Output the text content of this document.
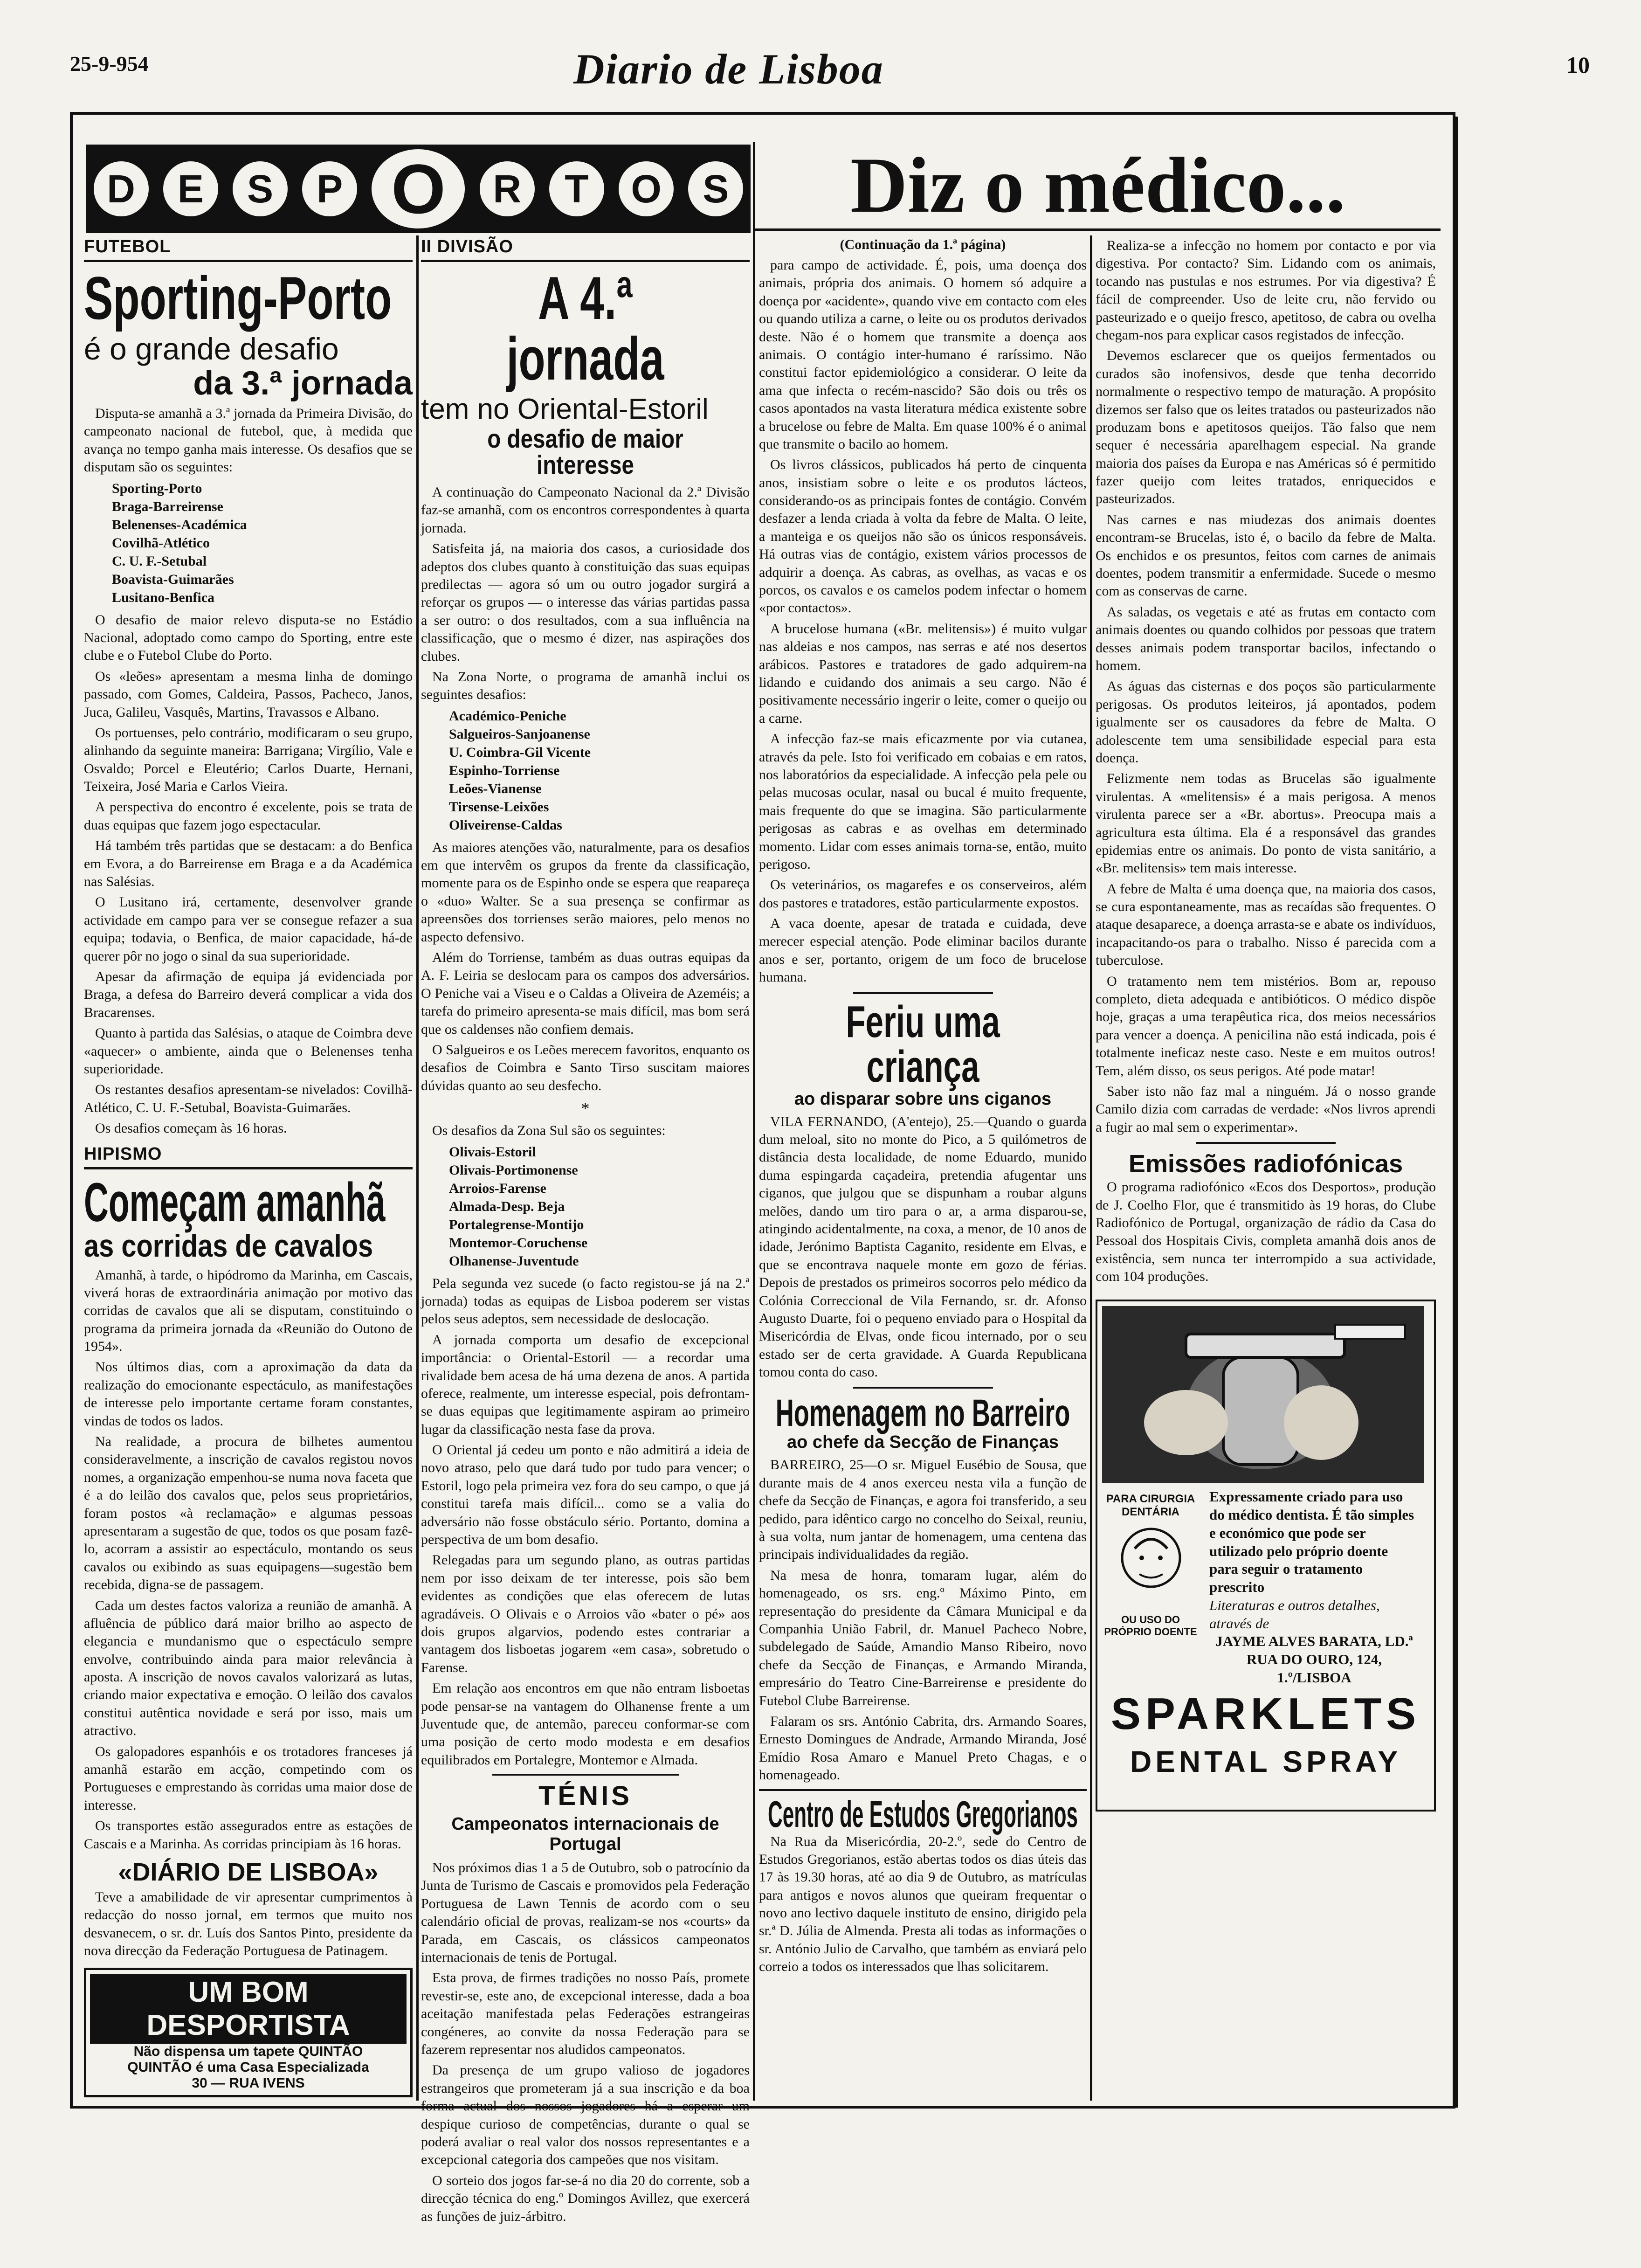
25-9-954	Diario de Lisboa	10
D	E	S	P O	R	T	O	S	Diz o médico...
FUTEBOL
Sporting-Porto
é o grande desafio
da 3.ª jornada

Disputa-se amanhã a 3.ª jornada da Primeira Divisão, do campeonato nacional de futebol, que, à medida que avança no tempo ganha mais interesse. Os desafios que se disputam são os seguintes:

Sporting-Porto
Braga-Barreirense
Belenenses-Académica
Covilhã-Atlético
C. U. F.-Setubal
Boavista-Guimarães
Lusitano-Benfica

O desafio de maior relevo disputa-se no Estádio Nacional, adoptado como campo do Sporting, entre este clube e o Futebol Clube do Porto.

Os «leões» apresentam a mesma linha de domingo passado, com Gomes, Caldeira, Passos, Pacheco, Janos, Juca, Galileu, Vasquês, Martins, Travassos e Albano.

Os portuenses, pelo contrário, modificaram o seu grupo, alinhando da seguinte maneira: Barrigana; Virgílio, Vale e Osvaldo; Porcel e Eleutério; Carlos Duarte, Hernani, Teixeira, José Maria e Carlos Vieira.

A perspectiva do encontro é excelente, pois se trata de duas equipas que fazem jogo espectacular.

Há também três partidas que se destacam: a do Benfica em Evora, a do Barreirense em Braga e a da Académica nas Salésias.

O Lusitano irá, certamente, desenvolver grande actividade em campo para ver se consegue refazer a sua equipa; todavia, o Benfica, de maior capacidade, há-de querer pôr no jogo o sinal da sua superioridade.

Apesar da afirmação de equipa já evidenciada por Braga, a defesa do Barreiro deverá complicar a vida dos Bracarenses.

Quanto à partida das Salésias, o ataque de Coimbra deve «aquecer» o ambiente, ainda que o Belenenses tenha superioridade.

Os restantes desafios apresentam-se nivelados: Covilhã-Atlético, C. U. F.-Setubal, Boavista-Guimarães.

Os desafios começam às 16 horas.

HIPISMO
Começam amanhã
as corridas de cavalos

Amanhã, à tarde, o hipódromo da Marinha, em Cascais, viverá horas de extraordinária animação por motivo das corridas de cavalos que ali se disputam, constituindo o programa da primeira jornada da «Reunião do Outono de 1954».

Nos últimos dias, com a aproximação da data da realização do emocionante espectáculo, as manifestações de interesse pelo importante certame foram constantes, vindas de todos os lados.

Na realidade, a procura de bilhetes aumentou consideravelmente, a inscrição de cavalos registou novos nomes, a organização empenhou-se numa nova faceta que é a do leilão dos cavalos que, pelos seus proprietários, foram postos «à reclamação» e algumas pessoas apresentaram a sugestão de que, todos os que posam fazê-lo, acorram a assistir ao espectáculo, montando os seus cavalos ou exibindo as suas equipagens—sugestão bem recebida, digna-se de passagem.

Cada um destes factos valoriza a reunião de amanhã. A afluência de público dará maior brilho ao aspecto de elegancia e mundanismo que o espectáculo sempre envolve, contribuindo ainda para maior relevância à aposta. A inscrição de novos cavalos valorizará as lutas, criando maior expectativa e emoção. O leilão dos cavalos constitui autêntica novidade e será por isso, mais um atractivo.

Os galopadores espanhóis e os trotadores franceses já amanhã estarão em acção, competindo com os Portugueses e emprestando às corridas uma maior dose de interesse.

Os transportes estão assegurados entre as estações de Cascais e a Marinha. As corridas principiam às 16 horas.

«DIÁRIO DE LISBOA»

Teve a amabilidade de vir apresentar cumprimentos à redacção do nosso jornal, em termos que muito nos desvanecem, o sr. dr. Luís dos Santos Pinto, presidente da nova direcção da Federação Portuguesa de Patinagem.

UM BOM DESPORTISTA
Não dispensa um tapete QUINTÃO
QUINTÃO é uma Casa Especializada
30 — RUA IVENS
II DIVISÃO
A 4.ª jornada
tem no Oriental-Estoril
o desafio de maior interesse

A continuação do Campeonato Nacional da 2.ª Divisão faz-se amanhã, com os encontros correspondentes à quarta jornada.

Satisfeita já, na maioria dos casos, a curiosidade dos adeptos dos clubes quanto à constituição das suas equipas predilectas — agora só um ou outro jogador surgirá a reforçar os grupos — o interesse das várias partidas passa a ser outro: o dos resultados, com a sua influência na classificação, que o mesmo é dizer, nas aspirações dos clubes.

Na Zona Norte, o programa de amanhã inclui os seguintes desafios:

Académico-Peniche
Salgueiros-Sanjoanense
U. Coimbra-Gil Vicente
Espinho-Torriense
Leões-Vianense
Tirsense-Leixões
Oliveirense-Caldas

As maiores atenções vão, naturalmente, para os desafios em que intervêm os grupos da frente da classificação, momente para os de Espinho onde se espera que reapareça o «duo» Walter. Se a sua presença se confirmar as apreensões dos torrienses serão maiores, pelo menos no aspecto defensivo.

Além do Torriense, também as duas outras equipas da A. F. Leiria se deslocam para os campos dos adversários. O Peniche vai a Viseu e o Caldas a Oliveira de Azeméis; a tarefa do primeiro apresenta-se mais difícil, mas bom será que os caldenses não confiem demais.

O Salgueiros e os Leões merecem favoritos, enquanto os desafios de Coimbra e Santo Tirso suscitam maiores dúvidas quanto ao seu desfecho.

*

Os desafios da Zona Sul são os seguintes:

Olivais-Estoril
Olivais-Portimonense
Arroios-Farense
Almada-Desp. Beja
Portalegrense-Montijo
Montemor-Coruchense
Olhanense-Juventude

Pela segunda vez sucede (o facto registou-se já na 2.ª jornada) todas as equipas de Lisboa poderem ser vistas pelos seus adeptos, sem necessidade de deslocação.

A jornada comporta um desafio de excepcional importância: o Oriental-Estoril — a recordar uma rivalidade bem acesa de há uma dezena de anos. A partida oferece, realmente, um interesse especial, pois defrontam-se duas equipas que legitimamente aspiram ao primeiro lugar da classificação nesta fase da prova.

O Oriental já cedeu um ponto e não admitirá a ideia de novo atraso, pelo que dará tudo por tudo para vencer; o Estoril, logo pela primeira vez fora do seu campo, o que já constitui tarefa mais difícil... como se a valia do adversário não fosse obstáculo sério. Portanto, domina a perspectiva de um bom desafio.

Relegadas para um segundo plano, as outras partidas nem por isso deixam de ter interesse, pois são bem evidentes as condições que elas oferecem de lutas agradáveis. O Olivais e o Arroios vão «bater o pé» aos dois grupos algarvios, podendo estes contrariar a vantagem dos lisboetas jogarem «em casa», sobretudo o Farense.

Em relação aos encontros em que não entram lisboetas pode pensar-se na vantagem do Olhanense frente a um Juventude que, de antemão, pareceu conformar-se com uma posição de certo modo modesta e em desafios equilibrados em Portalegre, Montemor e Almada.

TÉNIS
Campeonatos internacionais de Portugal

Nos próximos dias 1 a 5 de Outubro, sob o patrocínio da Junta de Turismo de Cascais e promovidos pela Federação Portuguesa de Lawn Tennis de acordo com o seu calendário oficial de provas, realizam-se nos «courts» da Parada, em Cascais, os clássicos campeonatos internacionais de tenis de Portugal.

Esta prova, de firmes tradições no nosso País, promete revestir-se, este ano, de excepcional interesse, dada a boa aceitação manifestada pelas Federações estrangeiras congéneres, ao convite da nossa Federação para se fazerem representar nos aludidos campeonatos.

Da presença de um grupo valioso de jogadores estrangeiros que prometeram já a sua inscrição e da boa forma actual dos nossos jogadores há a esperar um despique curioso de competências, durante o qual se poderá avaliar o real valor dos nossos representantes e a excepcional categoria dos campeões que nos visitam.

O sorteio dos jogos far-se-á no dia 20 do corrente, sob a direcção técnica do eng.º Domingos Avillez, que exercerá as funções de juiz-árbitro.

(Continuação da 1.ª página)

para campo de actividade. É, pois, uma doença dos animais, própria dos animais. O homem só adquire a doença por «acidente», quando vive em contacto com eles ou quando utiliza a carne, o leite ou os produtos derivados deste. Não é o homem que transmite a doença aos animais. O contágio inter-humano é raríssimo. Não constitui factor epidemiológico a considerar. O leite da ama que infecta o recém-nascido? São dois ou três os casos apontados na vasta literatura médica existente sobre a brucelose ou febre de Malta. Em quase 100% é o animal que transmite o bacilo ao homem.

Os livros clássicos, publicados há perto de cinquenta anos, insistiam sobre o leite e os produtos lácteos, considerando-os as principais fontes de contágio. Convém desfazer a lenda criada à volta da febre de Malta. O leite, a manteiga e os queijos não são os únicos responsáveis. Há outras vias de contágio, existem vários processos de adquirir a doença. As cabras, as ovelhas, as vacas e os porcos, os cavalos e os camelos podem infectar o homem «por contactos».

A brucelose humana («Br. melitensis») é muito vulgar nas aldeias e nos campos, nas serras e até nos desertos arábicos. Pastores e tratadores de gado adquirem-na lidando e cuidando dos animais a seu cargo. Não é positivamente necessário ingerir o leite, comer o queijo ou a carne.

A infecção faz-se mais eficazmente por via cutanea, através da pele. Isto foi verificado em cobaias e em ratos, nos laboratórios da especialidade. A infecção pela pele ou pelas mucosas ocular, nasal ou bucal é muito frequente, mais frequente do que se imagina. São particularmente perigosas as cabras e as ovelhas em determinado momento. Lidar com esses animais torna-se, então, muito perigoso.

Os veterinários, os magarefes e os conserveiros, além dos pastores e tratadores, estão particularmente expostos.

A vaca doente, apesar de tratada e cuidada, deve merecer especial atenção. Pode eliminar bacilos durante anos e ser, portanto, origem de um foco de brucelose humana.

Feriu uma criança
ao disparar sobre uns ciganos

VILA FERNANDO, (A'entejo), 25.—Quando o guarda dum meloal, sito no monte do Pico, a 5 quilómetros de distância desta localidade, de nome Eduardo, munido duma espingarda caçadeira, pretendia afugentar uns ciganos, que julgou que se dispunham a roubar alguns melões, dando um tiro para o ar, a arma disparou-se, atingindo acidentalmente, na coxa, a menor, de 10 anos de idade, Jerónimo Baptista Caganito, residente em Elvas, e que se encontrava naquele monte em gozo de férias. Depois de prestados os primeiros socorros pelo médico da Colónia Correccional de Vila Fernando, sr. dr. Afonso Augusto Duarte, foi o pequeno enviado para o Hospital da Misericórdia de Elvas, onde ficou internado, por o seu estado ser de certa gravidade. A Guarda Republicana tomou conta do caso.

Homenagem no Barreiro
ao chefe da Secção de Finanças

BARREIRO, 25—O sr. Miguel Eusébio de Sousa, que durante mais de 4 anos exerceu nesta vila a função de chefe da Secção de Finanças, e agora foi transferido, a seu pedido, para idêntico cargo no concelho do Seixal, reuniu, à sua volta, num jantar de homenagem, uma centena das principais individualidades da região.

Na mesa de honra, tomaram lugar, além do homenageado, os srs. eng.º Máximo Pinto, em representação do presidente da Câmara Municipal e da Companhia União Fabril, dr. Manuel Pacheco Nobre, subdelegado de Saúde, Amandio Manso Ribeiro, novo chefe da Secção de Finanças, e Armando Miranda, empresário do Teatro Cine-Barreirense e presidente do Futebol Clube Barreirense.

Falaram os srs. António Cabrita, drs. Armando Soares, Ernesto Domingues de Andrade, Armando Miranda, José Emídio Rosa Amaro e Manuel Preto Chagas, e o homenageado.

Centro de Estudos Gregorianos

Na Rua da Misericórdia, 20-2.º, sede do Centro de Estudos Gregorianos, estão abertas todos os dias úteis das 17 às 19.30 horas, até ao dia 9 de Outubro, as matrículas para antigos e novos alunos que queiram frequentar o novo ano lectivo daquele instituto de ensino, dirigido pela sr.ª D. Júlia de Almenda. Presta ali todas as informações o sr. António Julio de Carvalho, que também as enviará pelo correio a todos os interessados que lhas solicitarem.

Realiza-se a infecção no homem por contacto e por via digestiva. Por contacto? Sim. Lidando com os animais, tocando nas pustulas e nos estrumes. Por via digestiva? É fácil de compreender. Uso de leite cru, não fervido ou pasteurizado e o queijo fresco, apetitoso, de cabra ou ovelha chegam-nos para explicar casos registados de infecção.

Devemos esclarecer que os queijos fermentados ou curados são inofensivos, desde que tenha decorrido normalmente o respectivo tempo de maturação. A propósito dizemos ser falso que os leites tratados ou pasteurizados não produzam bons e apetitosos queijos. Tão falso que nem sequer é necessária aparelhagem especial. Na grande maioria dos países da Europa e nas Américas só é permitido fazer queijo com leites tratados, enriquecidos e pasteurizados.

Nas carnes e nas miudezas dos animais doentes encontram-se Brucelas, isto é, o bacilo da febre de Malta. Os enchidos e os presuntos, feitos com carnes de animais doentes, podem transmitir a enfermidade. Sucede o mesmo com as conservas de carne.

As saladas, os vegetais e até as frutas em contacto com animais doentes ou quando colhidos por pessoas que tratem desses animais podem transportar bacilos, infectando o homem.

As águas das cisternas e dos poços são particularmente perigosas. Os produtos leiteiros, já apontados, podem igualmente ser os causadores da febre de Malta. O adolescente tem uma sensibilidade especial para esta doença.

Felizmente nem todas as Brucelas são igualmente virulentas. A «melitensis» é a mais perigosa. A menos virulenta parece ser a «Br. abortus». Preocupa mais a agricultura esta última. Ela é a responsável das grandes epidemias entre os animais. Do ponto de vista sanitário, a «Br. melitensis» tem mais interesse.

A febre de Malta é uma doença que, na maioria dos casos, se cura espontaneamente, mas as recaídas são frequentes. O ataque desaparece, a doença arrasta-se e abate os indivíduos, incapacitando-os para o trabalho. Nisso é parecida com a tuberculose.

O tratamento nem tem mistérios. Bom ar, repouso completo, dieta adequada e antibióticos. O médico dispõe hoje, graças a uma terapêutica rica, dos meios necessários para vencer a doença. A penicilina não está indicada, pois é totalmente ineficaz neste caso. Neste e em muitos outros! Tem, além disso, os seus perigos. Até pode matar!

Saber isto não faz mal a ninguém. Já o nosso grande Camilo dizia com carradas de verdade: «Nos livros aprendi a fugir ao mal sem o experimentar».

Emissões radiofónicas

O programa radiofónico «Ecos dos Desportos», produção de J. Coelho Flor, que é transmitido às 19 horas, do Clube Radiofónico de Portugal, organização de rádio da Casa do Pessoal dos Hospitais Civis, completa amanhã dois anos de existência, sem nunca ter interrompido a sua actividade, com 104 produções.

PARA CIRURGIA DENTÁRIA
OU USO DO PRÓPRIO DOENTE
Expressamente criado para uso do médico dentista. É tão simples e económico que pode ser utilizado pelo próprio doente para seguir o tratamento prescrito
Literaturas e outros detalhes, através de
JAYME ALVES BARATA, LD.ª
RUA DO OURO, 124, 1.º/LISBOA
SPARKLETS
DENTAL SPRAY
